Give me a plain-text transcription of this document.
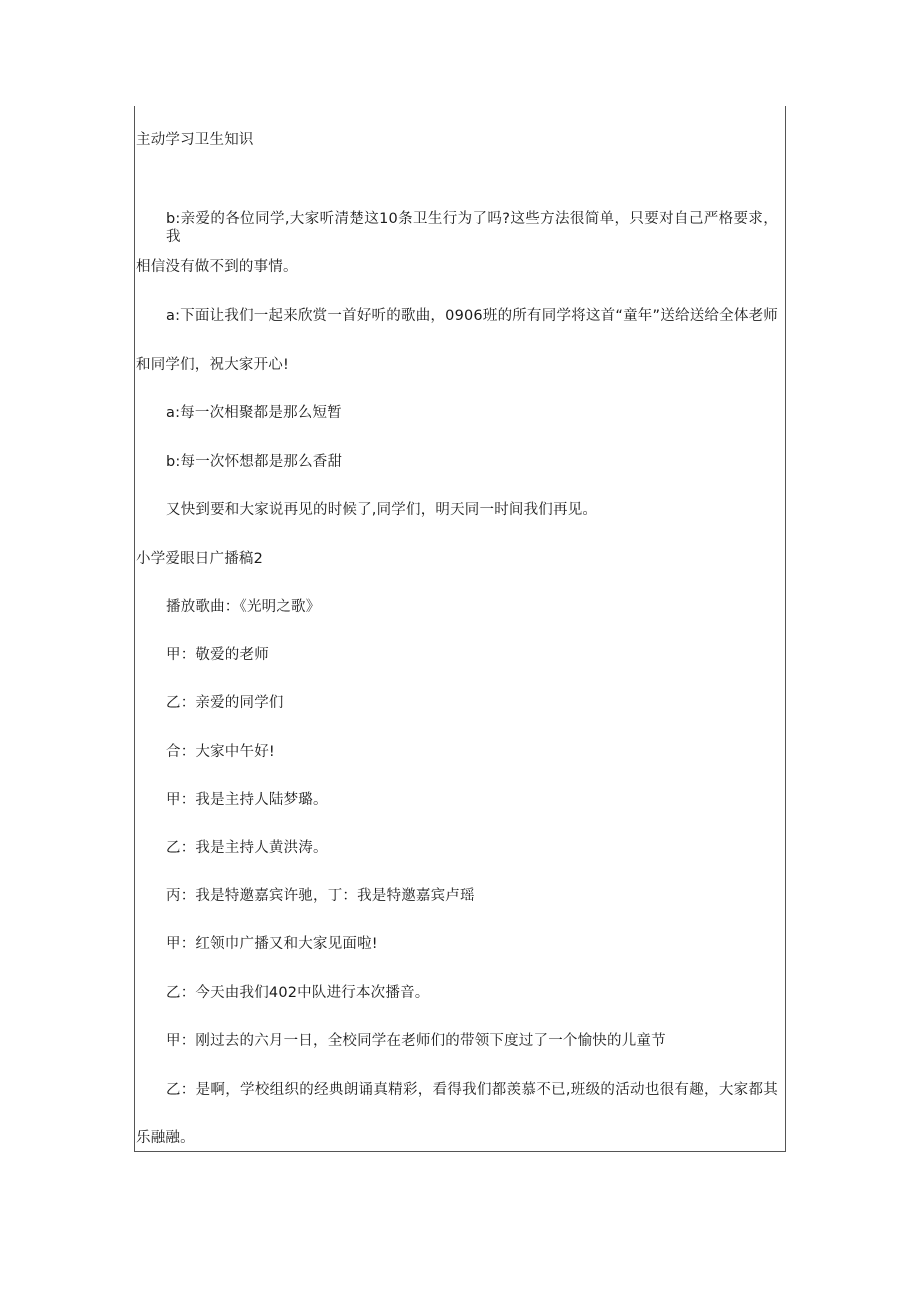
主动学习卫生知识
b:亲爱的各位同学,大家听清楚这10条卫生行为了吗?这些方法很简单，只要对自己严格要求，我
相信没有做不到的事情。
a:下面让我们一起来欣赏一首好听的歌曲，0906班的所有同学将这首“童年”送给送给全体老师
和同学们，祝大家开心!
a:每一次相聚都是那么短暂
b:每一次怀想都是那么香甜
又快到要和大家说再见的时候了,同学们，明天同一时间我们再见。
小学爱眼日广播稿2
播放歌曲：《光明之歌》
甲：敬爱的老师
乙：亲爱的同学们
合：大家中午好!
甲：我是主持人陆梦璐。
乙：我是主持人黄洪涛。
丙：我是特邀嘉宾许驰，丁：我是特邀嘉宾卢瑶
甲：红领巾广播又和大家见面啦!
乙：今天由我们402中队进行本次播音。
甲：刚过去的六月一日，全校同学在老师们的带领下度过了一个愉快的儿童节
乙：是啊，学校组织的经典朗诵真精彩，看得我们都羡慕不已,班级的活动也很有趣，大家都其
乐融融。
